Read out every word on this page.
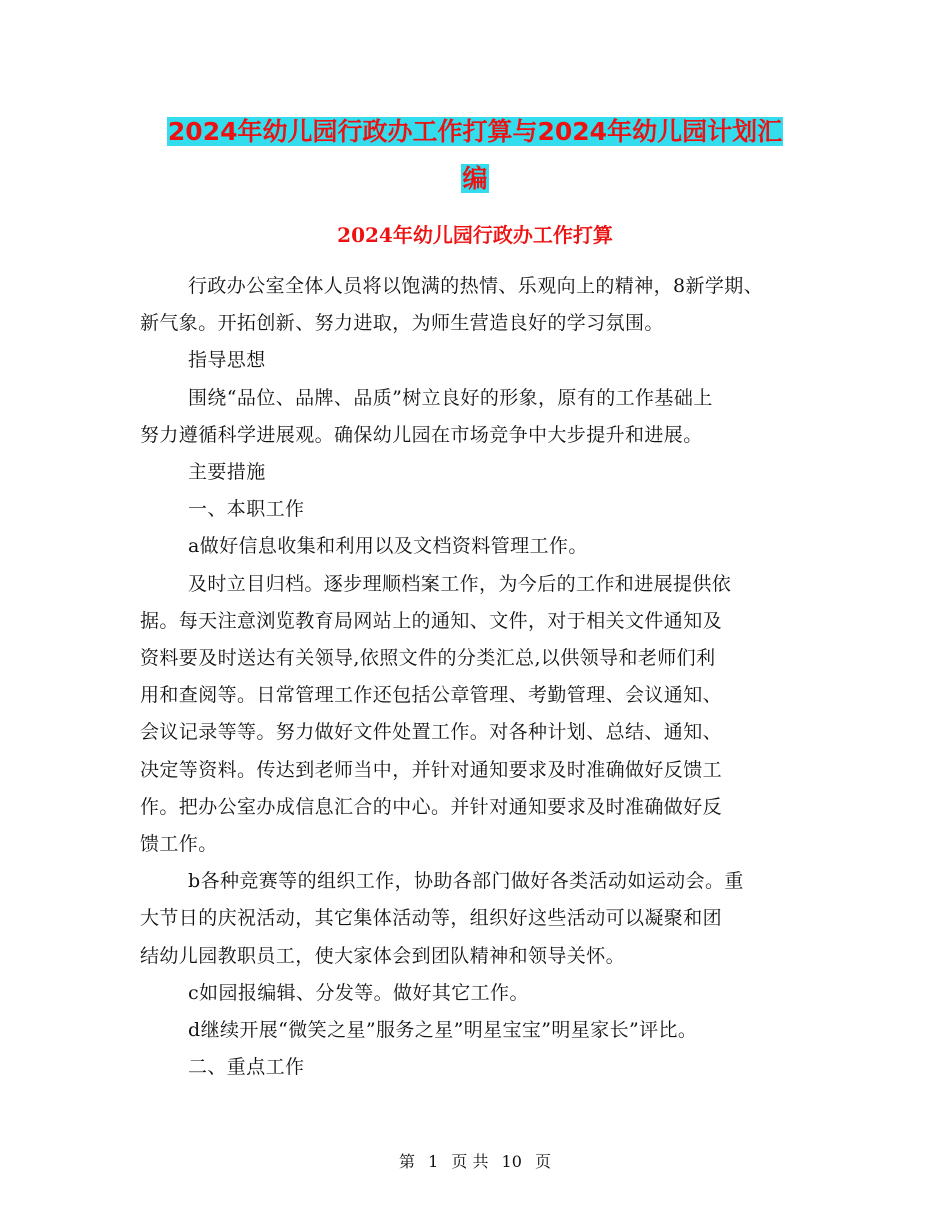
2024年幼儿园行政办工作打算与2024年幼儿园计划汇
编
2024年幼儿园行政办工作打算
行政办公室全体人员将以饱满的热情、乐观向上的精神，8新学期、
新气象。开拓创新、努力进取，为师生营造良好的学习氛围。
指导思想
围绕“品位、品牌、品质”树立良好的形象，原有的工作基础上
努力遵循科学进展观。确保幼儿园在市场竞争中大步提升和进展。
主要措施
一、本职工作
a做好信息收集和利用以及文档资料管理工作。
及时立目归档。逐步理顺档案工作，为今后的工作和进展提供依
据。每天注意浏览教育局网站上的通知、文件，对于相关文件通知及
资料要及时送达有关领导,依照文件的分类汇总,以供领导和老师们利
用和查阅等。日常管理工作还包括公章管理、考勤管理、会议通知、
会议记录等等。努力做好文件处置工作。对各种计划、总结、通知、
决定等资料。传达到老师当中，并针对通知要求及时准确做好反馈工
作。把办公室办成信息汇合的中心。并针对通知要求及时准确做好反
馈工作。
b各种竞赛等的组织工作，协助各部门做好各类活动如运动会。重
大节日的庆祝活动，其它集体活动等，组织好这些活动可以凝聚和团
结幼儿园教职员工，使大家体会到团队精神和领导关怀。
c如园报编辑、分发等。做好其它工作。
d继续开展“微笑之星”服务之星”明星宝宝”明星家长”评比。
二、重点工作
第 1 页 共 10 页
